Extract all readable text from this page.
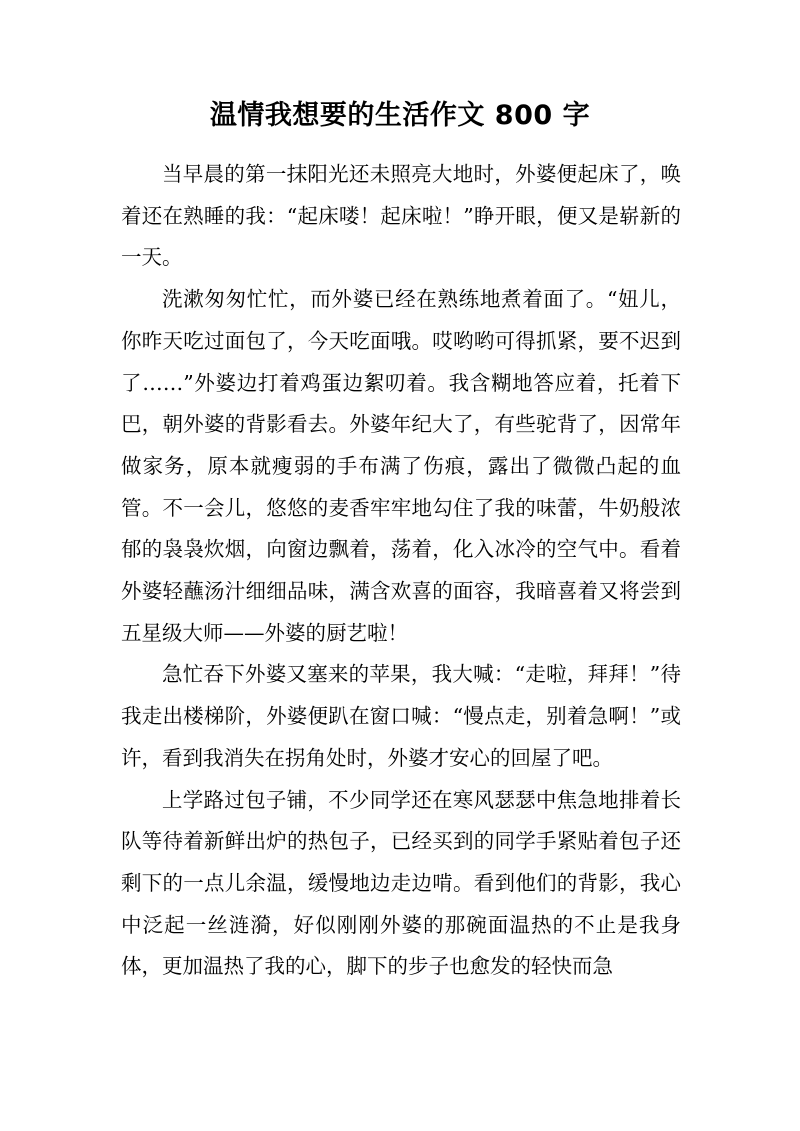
温情我想要的生活作文 800 字

当早晨的第一抹阳光还未照亮大地时，外婆便起床了，唤着还在熟睡的我：“起床喽！起床啦！”睁开眼，便又是崭新的一天。

洗漱匆匆忙忙，而外婆已经在熟练地煮着面了。“妞儿，你昨天吃过面包了，今天吃面哦。哎哟哟可得抓紧，要不迟到了……”外婆边打着鸡蛋边絮叨着。我含糊地答应着，托着下巴，朝外婆的背影看去。外婆年纪大了，有些驼背了，因常年做家务，原本就瘦弱的手布满了伤痕，露出了微微凸起的血管。不一会儿，悠悠的麦香牢牢地勾住了我的味蕾，牛奶般浓郁的袅袅炊烟，向窗边飘着，荡着，化入冰冷的空气中。看着外婆轻蘸汤汁细细品味，满含欢喜的面容，我暗喜着又将尝到五星级大师——外婆的厨艺啦！

急忙吞下外婆又塞来的苹果，我大喊：“走啦，拜拜！”待我走出楼梯阶，外婆便趴在窗口喊：“慢点走，别着急啊！”或许，看到我消失在拐角处时，外婆才安心的回屋了吧。

上学路过包子铺，不少同学还在寒风瑟瑟中焦急地排着长队等待着新鲜出炉的热包子，已经买到的同学手紧贴着包子还剩下的一点儿余温，缓慢地边走边啃。看到他们的背影，我心中泛起一丝涟漪，好似刚刚外婆的那碗面温热的不止是我身体，更加温热了我的心，脚下的步子也愈发的轻快而急
